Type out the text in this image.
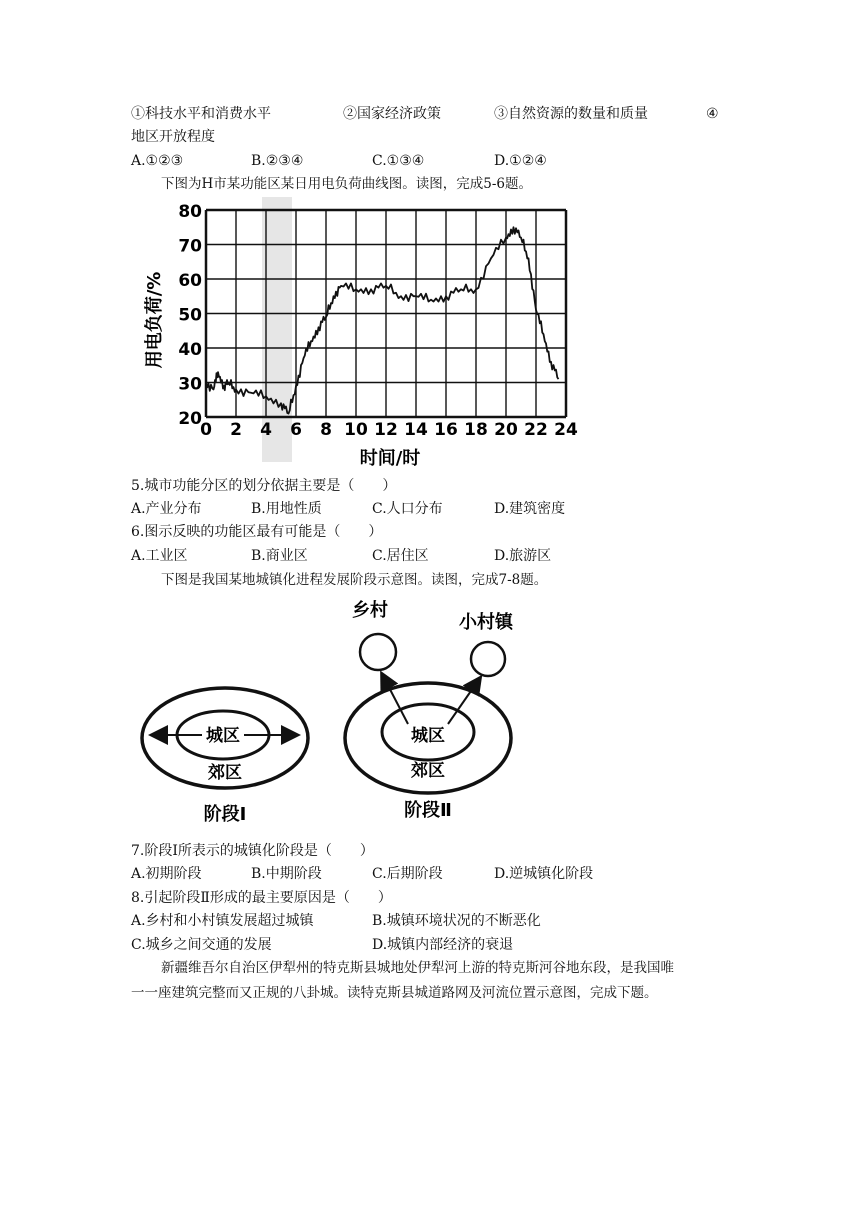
①科技水平和消费水平	②国家经济政策	③自然资源的数量和质量	④
地区开放程度
A.①②③	B.②③④	C.①③④	D.①②④
下图为H市某功能区某日用电负荷曲线图。读图，完成5-6题。
0 2 4 6 8 10 12 14 16 18 20 22 24
20
30
40
50
60
70
80
时间/时
用电负荷/%
5.城市功能分区的划分依据主要是（　　）
A.产业分布	B.用地性质	C.人口分布	D.建筑密度
6.图示反映的功能区最有可能是（　　）
A.工业区	B.商业区	C.居住区	D.旅游区
下图是我国某地城镇化进程发展阶段示意图。读图，完成7-8题。
城区
郊区
阶段Ⅰ
乡村
小村镇
城区
郊区
阶段Ⅱ
7.阶段Ⅰ所表示的城镇化阶段是（　　）
A.初期阶段	B.中期阶段	C.后期阶段	D.逆城镇化阶段
8.引起阶段Ⅱ形成的最主要原因是（　　）
A.乡村和小村镇发展超过城镇	B.城镇环境状况的不断恶化
C.城乡之间交通的发展	D.城镇内部经济的衰退
新疆维吾尔自治区伊犁州的特克斯县城地处伊犁河上游的特克斯河谷地东段，是我国唯
一一座建筑完整而又正规的八卦城。读特克斯县城道路网及河流位置示意图，完成下题。
